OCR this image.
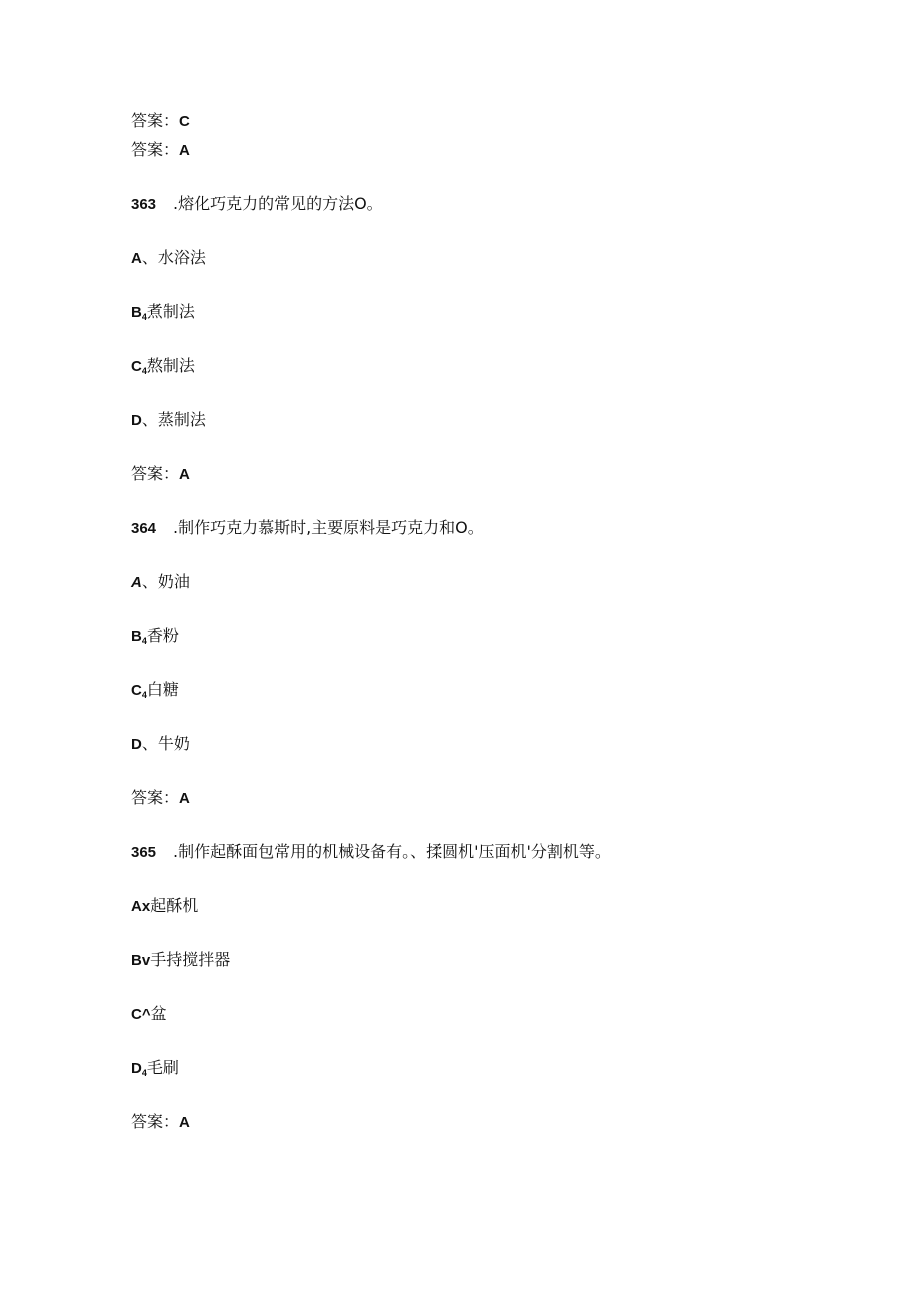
答案：C
答案：A
363 .熔化巧克力的常见的方法O。
A、水浴法
$B_4$煮制法
$C_4$熬制法
D、蒸制法
答案：A
364 .制作巧克力慕斯时,主要原料是巧克力和O。
A、奶油
$B_4$香粉
$C_4$白糖
D、牛奶
答案：A
365 .制作起酥面包常用的机械设备有。、揉圆机'压面机'分割机等。
Ax起酥机
Bv手持搅拌器
C^盆
$D_4$毛刷
答案：A
